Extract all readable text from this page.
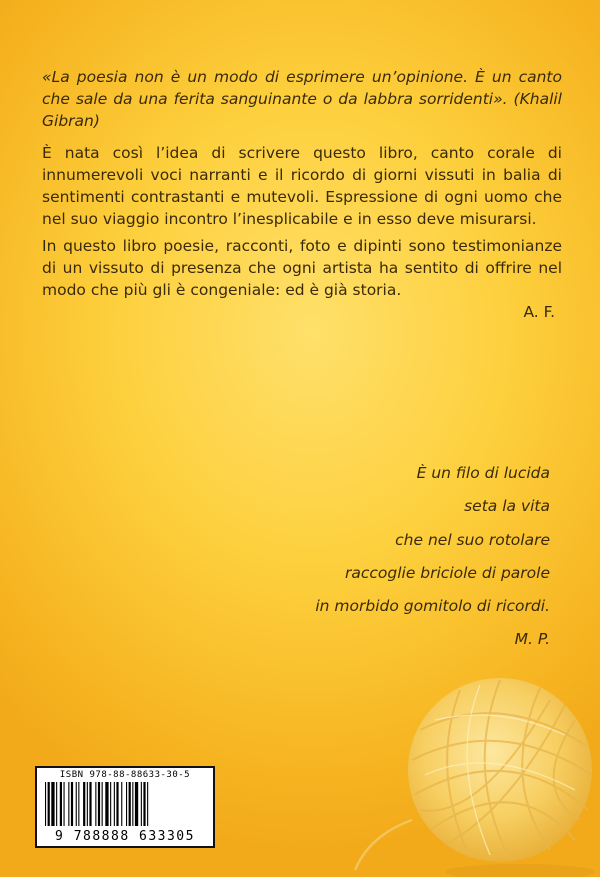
«La poesia non è un modo di esprimere un’opinione. È un canto che sale da una ferita sanguinante o da labbra sorridenti». (Khalil Gibran)

È nata così l’idea di scrivere questo libro, canto corale di innumerevoli voci narranti e il ricordo di giorni vissuti in balia di sentimenti contrastanti e mutevoli. Espressione di ogni uomo che nel suo viaggio incontro l’inesplicabile e in esso deve misurarsi.

In questo libro poesie, racconti, foto e dipinti sono testimonianze di un vissuto di presenza che ogni artista ha sentito di offrire nel modo che più gli è congeniale: ed è già storia.

A. F.
È un filo di lucida
seta la vita
che nel suo rotolare
raccoglie briciole di parole
in morbido gomitolo di ricordi.
M. P.
ISBN 978-88-88633-30-5
9 788888 633305
